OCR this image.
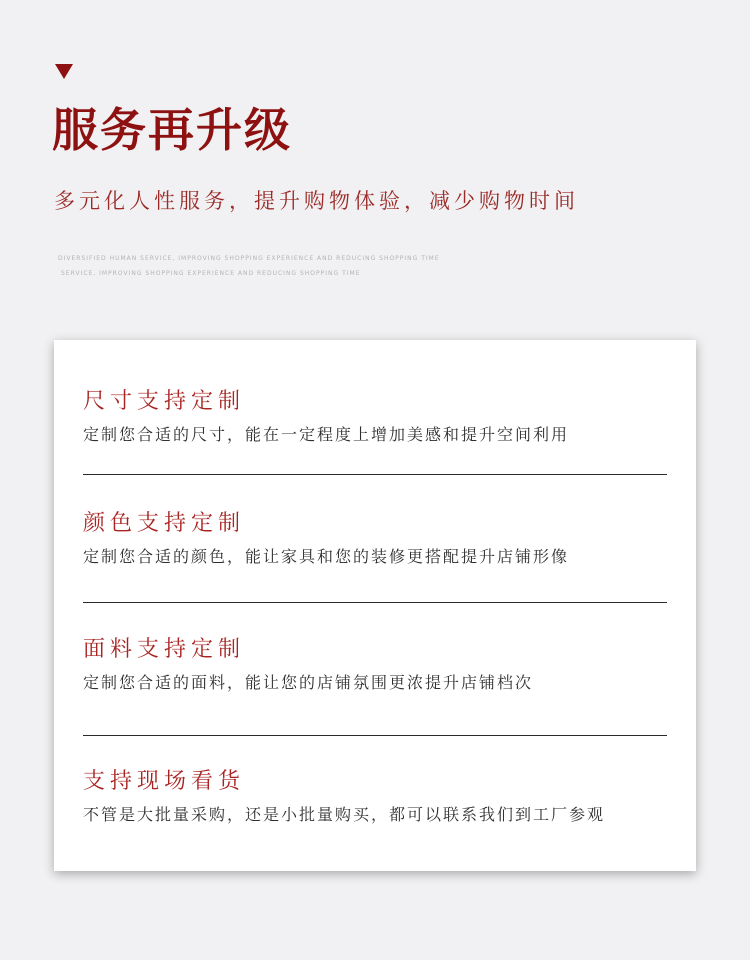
服务再升级
多元化人性服务，提升购物体验，减少购物时间
DIVERSIFIED HUMAN SERVICE, IMPROVING SHOPPING EXPERIENCE AND REDUCING SHOPPING TIME
SERVICE, IMPROVING SHOPPING EXPERIENCE AND REDUCING SHOPPING TIME
尺寸支持定制
定制您合适的尺寸，能在一定程度上增加美感和提升空间利用
颜色支持定制
定制您合适的颜色，能让家具和您的装修更搭配提升店铺形像
面料支持定制
定制您合适的面料，能让您的店铺氛围更浓提升店铺档次
支持现场看货
不管是大批量采购，还是小批量购买，都可以联系我们到工厂参观
